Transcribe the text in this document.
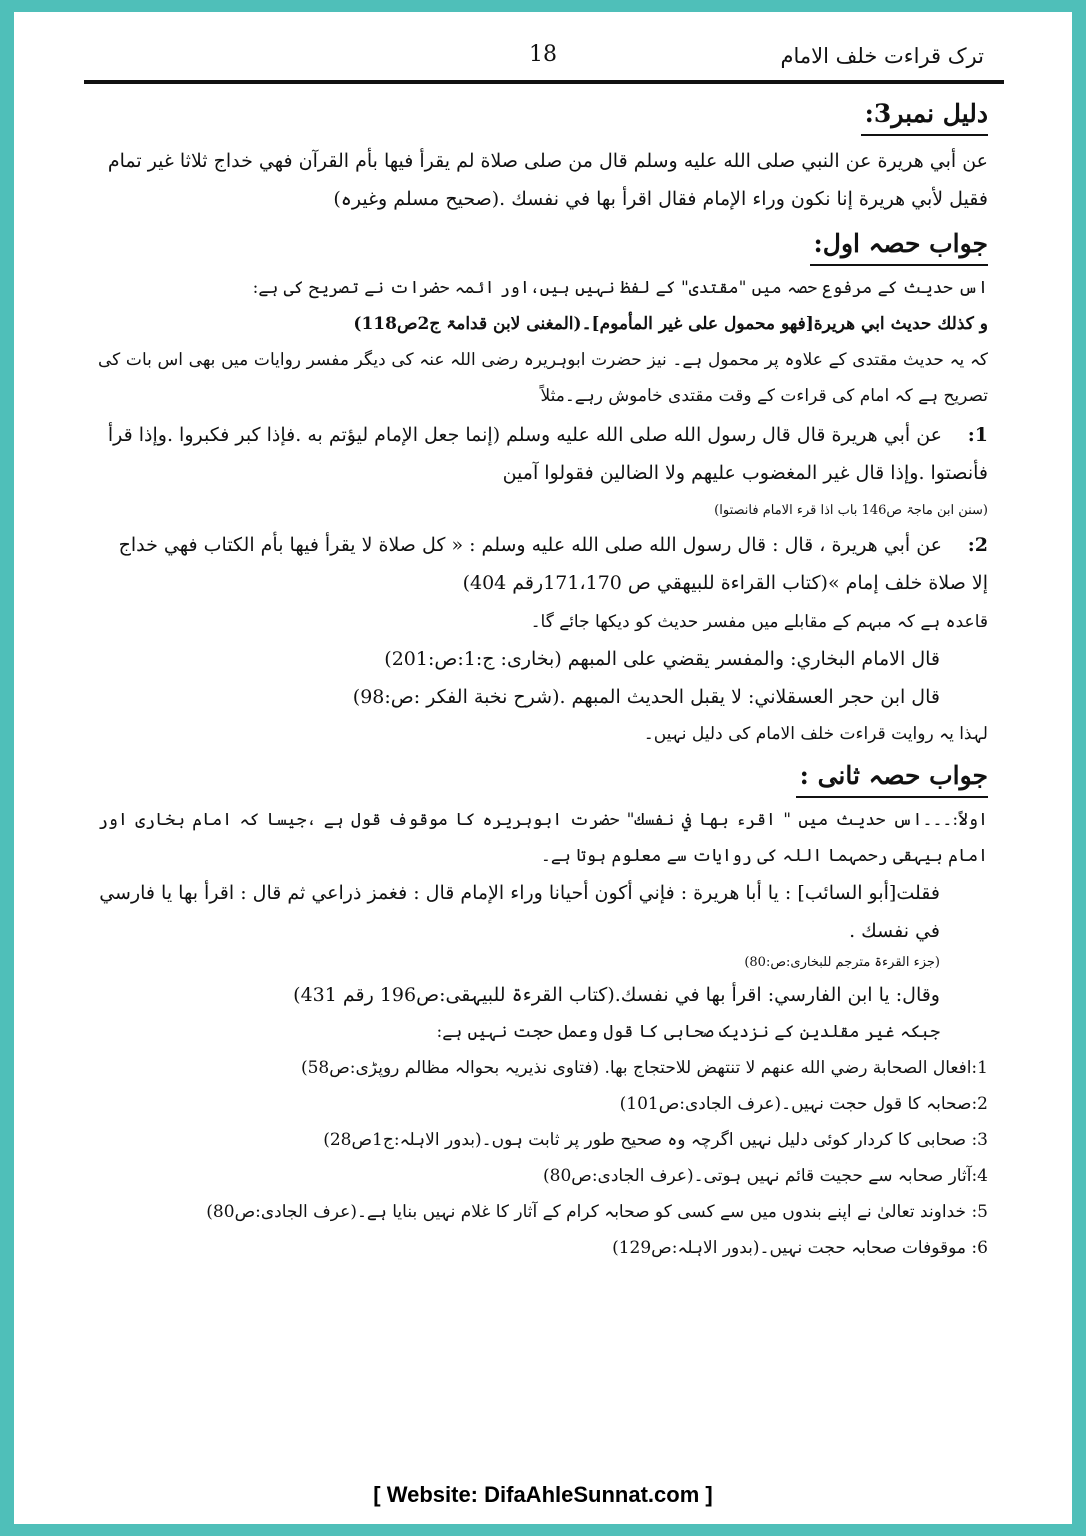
ترک قراءت خلف الامام
18
دلیل نمبر3:

عن أبي هريرة عن النبي صلى الله عليه وسلم قال من صلى صلاة لم يقرأ فيها بأم القرآن فهي خداج ثلاثا غير تمام

فقيل لأبي هريرة إنا نكون وراء الإمام فقال اقرأ بها في نفسك .(صحیح مسلم وغیرہ)

جواب حصہ اول:

اس حدیث کے مرفوع حصہ میں "مقتدی" کے لفظ نہیں ہیں،اور ائمہ حضرات نے تصریح کی ہے:

و كذلك حديث ابي هريرة[فهو محمول على غير المأموم]۔(المغنی لابن قدامۃ ج2ص118)

کہ یہ حدیث مقتدی کے علاوہ پر محمول ہے۔ نیز حضرت ابوہریرہ رضی اللہ عنہ کی دیگر مفسر روایات میں بھی اس بات کی تصریح ہے کہ امام کی قراءت کے وقت مقتدی خاموش رہے۔مثلاً

1:عن أبي هريرة قال قال رسول الله صلى الله عليه وسلم (إنما جعل الإمام ليؤتم به .فإذا كبر فكبروا .وإذا قرأ فأنصتوا .وإذا قال غير المغضوب عليهم ولا الضالين فقولوا آمين

(سنن ابن ماجۃ ص146 باب اذا قرء الامام فانصتوا)

2:عن أبي هريرة ، قال : قال رسول الله صلى الله عليه وسلم : « كل صلاة لا يقرأ فيها بأم الكتاب فهي خداج إلا صلاة خلف إمام »(كتاب القراءة للبيهقي ص 171،170رقم 404)

قاعدہ ہے کہ مبہم کے مقابلے میں مفسر حدیث کو دیکھا جائے گا۔

قال الامام البخاري: والمفسر يقضي على المبهم (بخاری: ج:1:ص:201)

قال ابن حجر العسقلاني: لا يقبل الحديث المبهم .(شرح نخبة الفكر :ص:98)

لہذا یہ روایت قراءت خلف الامام کی دلیل نہیں۔

جواب حصہ ثانی :

اولاً:۔۔۔اس حدیث میں " اقرء بها في نفسك" حضرت ابوہریرہ کا موقوف قول ہے ،جیسا کہ امام بخاری اور امام بیہقی رحمہما اللہ کی روایات سے معلوم ہوتا ہے۔

فقلت[أبو السائب] : يا أبا هريرة : فإني أكون أحيانا وراء الإمام قال : فغمز ذراعي ثم قال : اقرأ بها يا فارسي في نفسك .

(جزء القرءۃ مترجم للبخاری:ص:80)

وقال: يا ابن الفارسي: اقرأ بها في نفسك.(کتاب القرءۃ للبیہقی:ص196 رقم 431)

جبکہ غیر مقلدین کے نزدیک صحابی کا قول وعمل حجت نہیں ہے:

1:افعال الصحابة رضي الله عنهم لا تنتهض للاحتجاج بها. (فتاوی نذیریہ بحوالہ مظالم روپڑی:ص58)

2:صحابہ کا قول حجت نہیں۔(عرف الجادی:ص101)

3: صحابی کا کردار کوئی دلیل نہیں اگرچہ وہ صحیح طور پر ثابت ہوں۔(بدور الاہلہ:ج1ص28)

4:آثار صحابہ سے حجیت قائم نہیں ہوتی۔(عرف الجادی:ص80)

5: خداوند تعالیٰ نے اپنے بندوں میں سے کسی کو صحابہ کرام کے آثار کا غلام نہیں بنایا ہے۔(عرف الجادی:ص80)

6: موقوفات صحابہ حجت نہیں۔(بدور الاہلہ:ص129)

[ Website: DifaAhleSunnat.com ]
